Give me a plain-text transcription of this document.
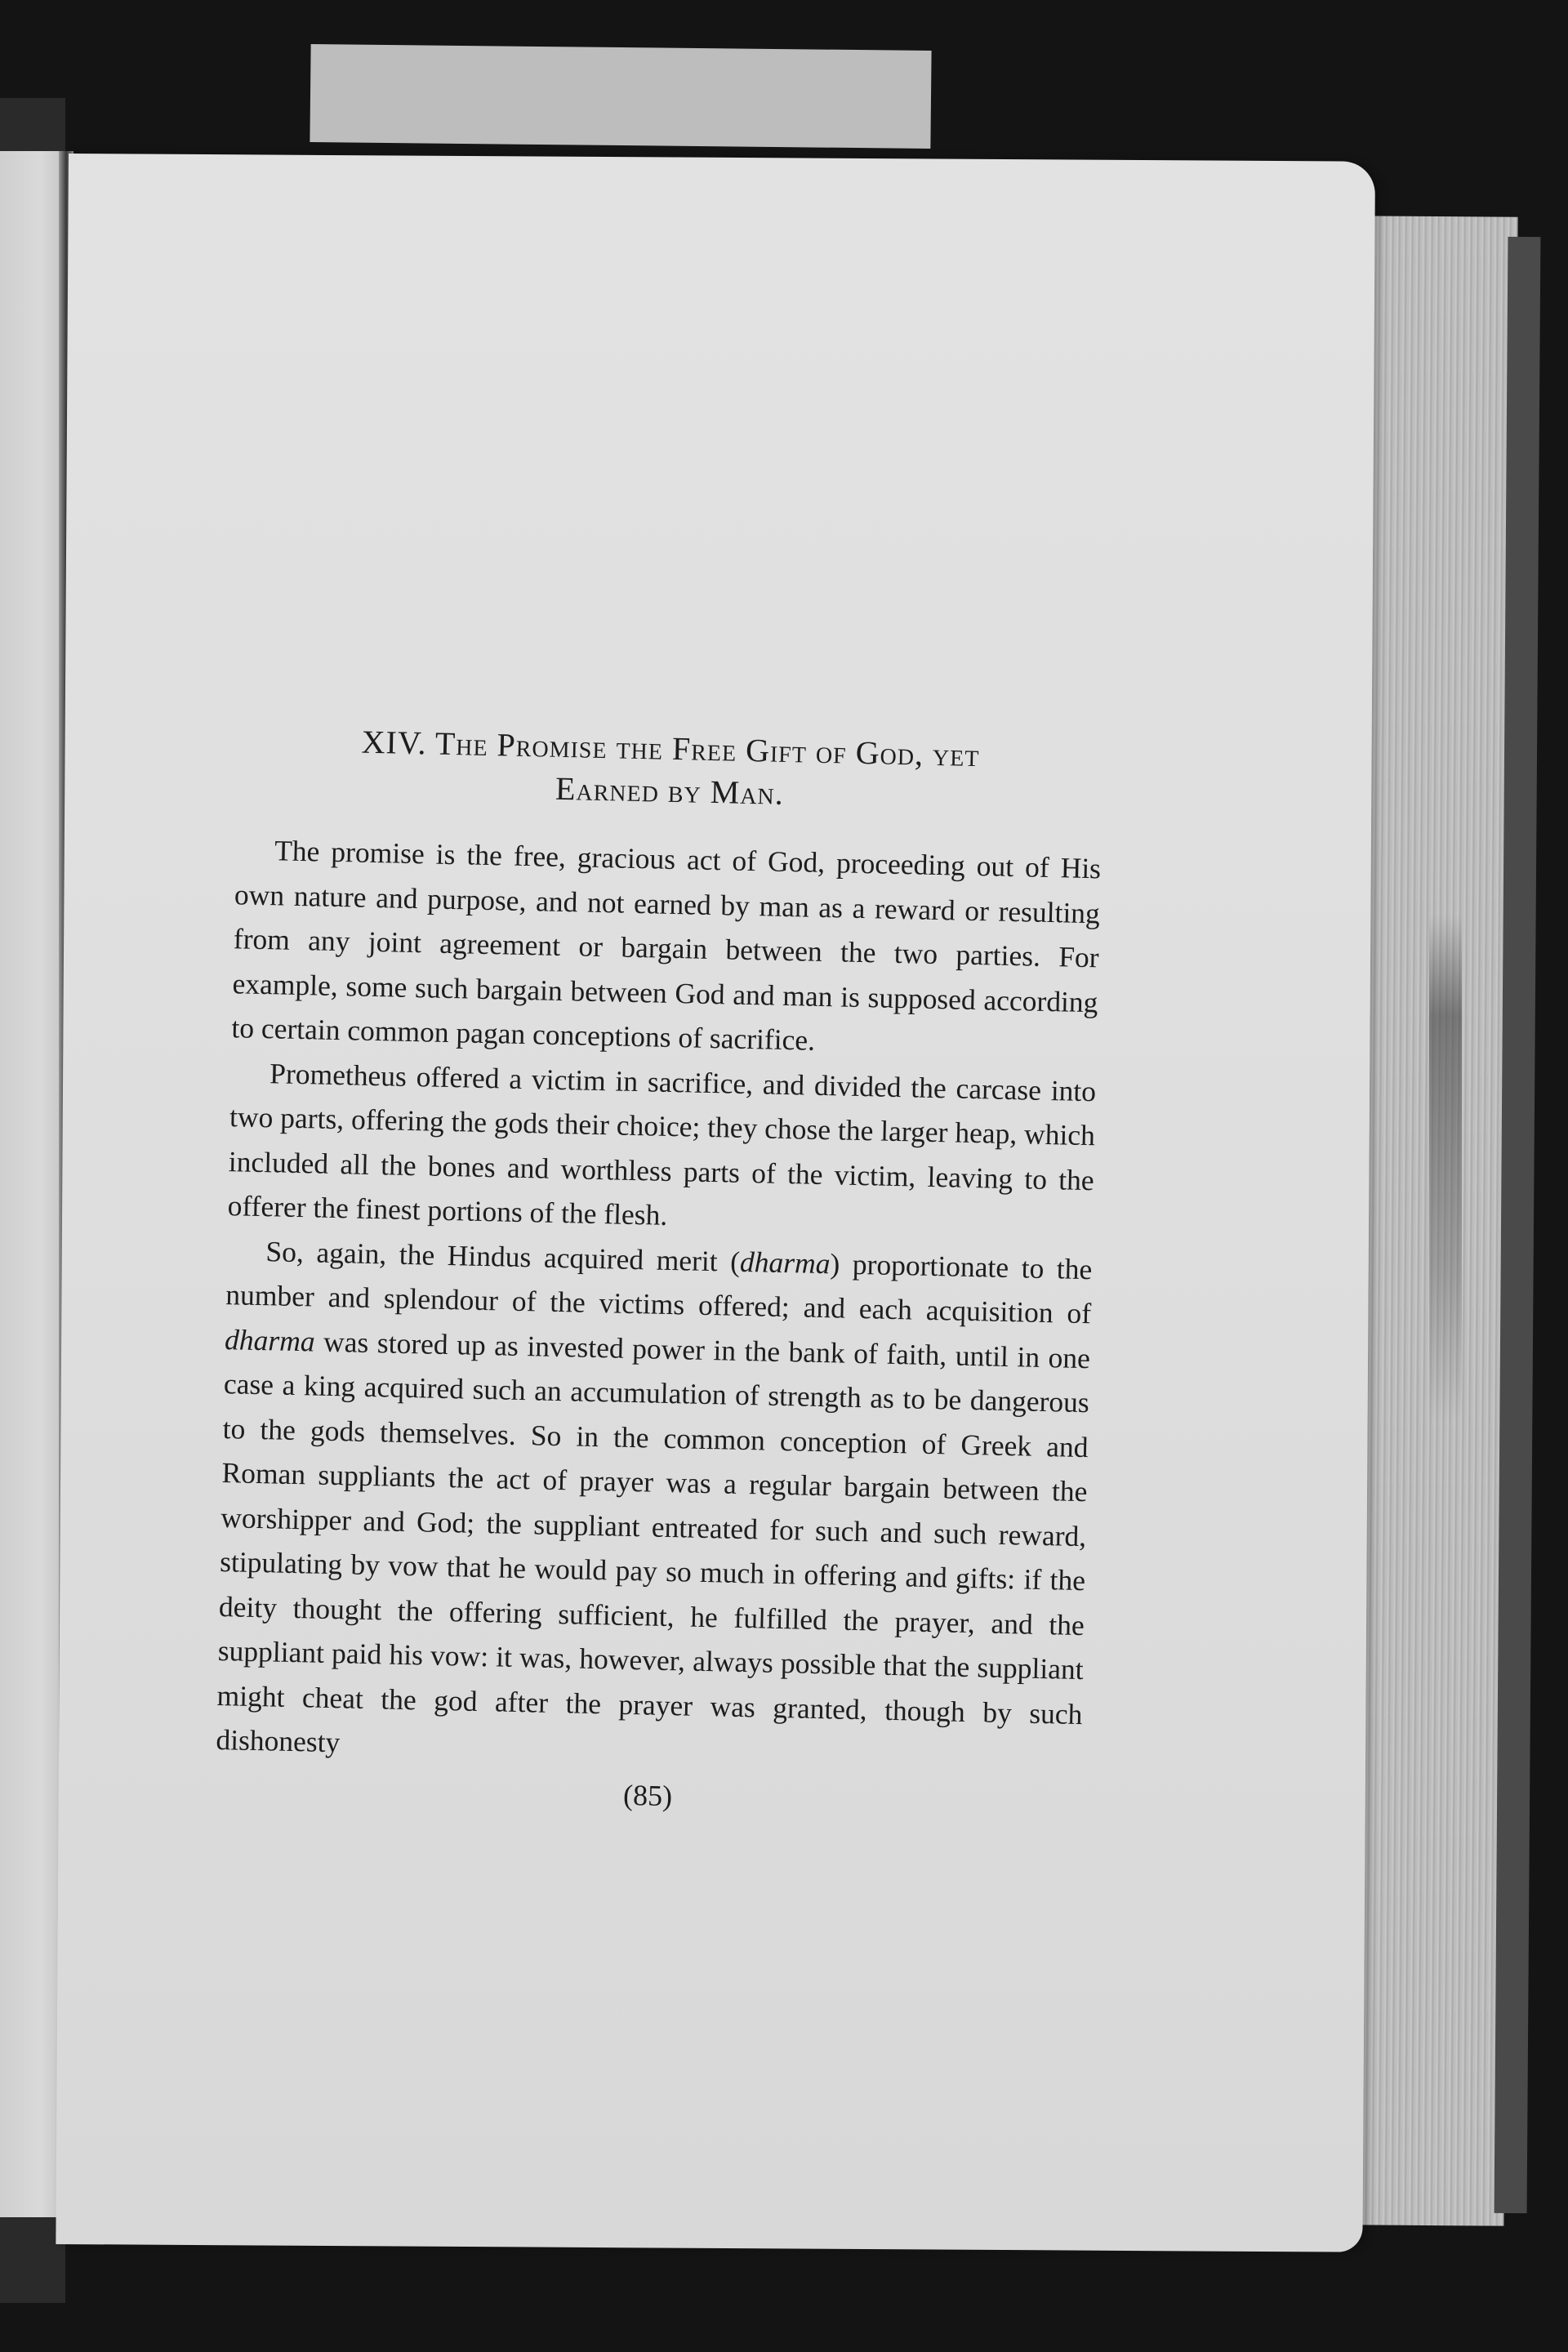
XIV. The Promise the Free Gift of God, yet
Earned by Man.

The promise is the free, gracious act of God, proceeding out of His own nature and purpose, and not earned by man as a reward or resulting from any joint agreement or bargain between the two parties. For example, some such bargain between God and man is supposed according to certain common pagan conceptions of sacrifice.

Prometheus offered a victim in sacrifice, and divided the carcase into two parts, offering the gods their choice; they chose the larger heap, which included all the bones and worthless parts of the victim, leaving to the offerer the finest portions of the flesh.

So, again, the Hindus acquired merit (dharma) proportionate to the number and splendour of the victims offered; and each acquisition of dharma was stored up as invested power in the bank of faith, until in one case a king acquired such an accumulation of strength as to be dangerous to the gods themselves. So in the common conception of Greek and Roman suppliants the act of prayer was a regular bargain between the worshipper and God; the suppliant entreated for such and such reward, stipulating by vow that he would pay so much in offering and gifts: if the deity thought the offering sufficient, he fulfilled the prayer, and the suppliant paid his vow: it was, however, always possible that the suppliant might cheat the god after the prayer was granted, though by such dishonesty

(85)
